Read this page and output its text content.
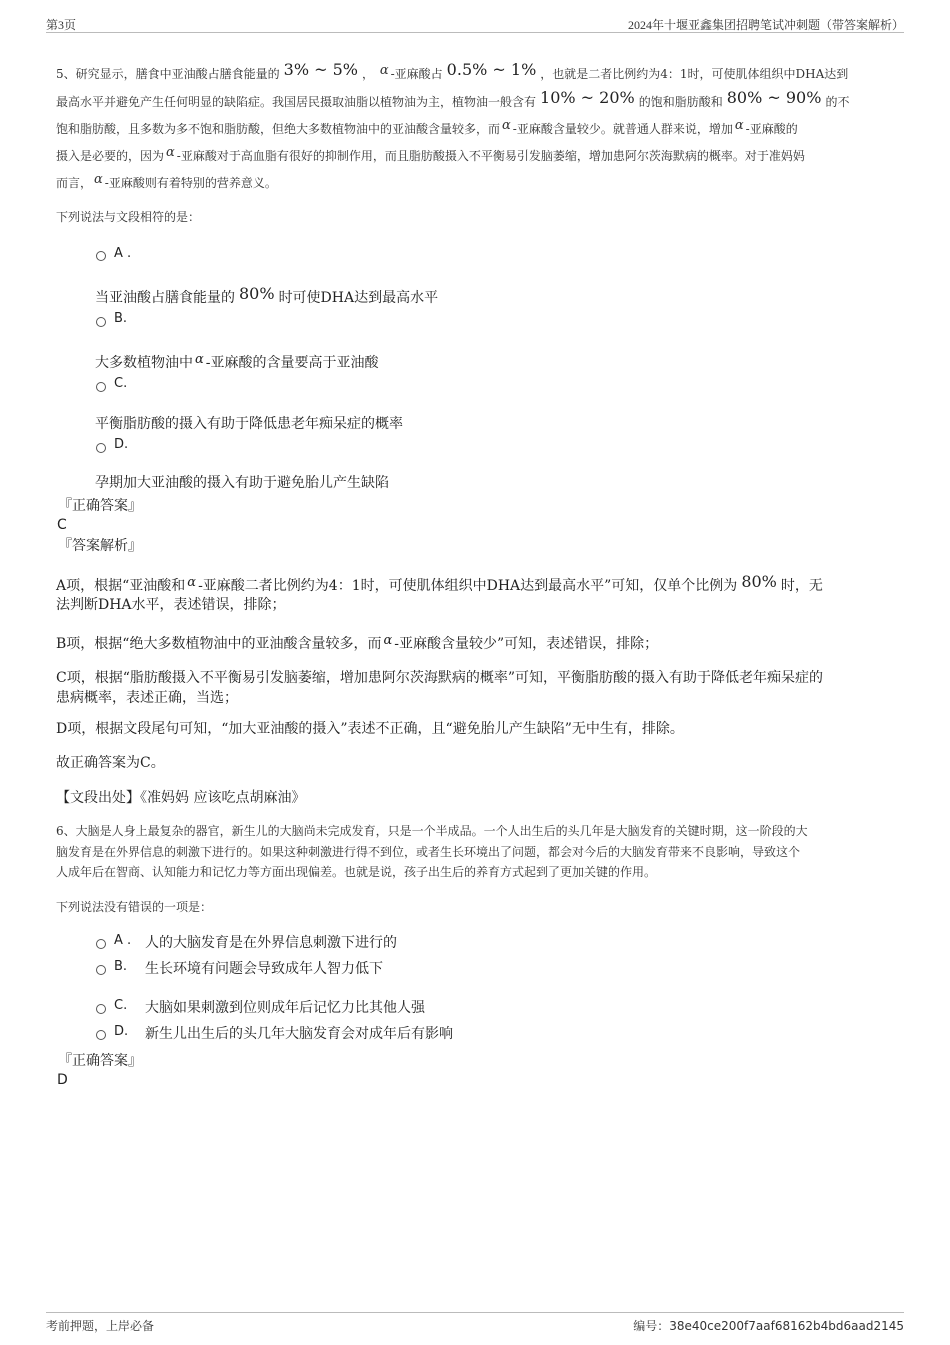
第3页	2024年十堰亚鑫集团招聘笔试冲刺题（带答案解析）
5、研究显示，膳食中亚油酸占膳食能量的 3% ~ 5% ， α -亚麻酸占 0.5% ~ 1% ，也就是二者比例约为4：1时，可使肌体组织中DHA达到
最高水平并避免产生任何明显的缺陷症。我国居民摄取油脂以植物油为主，植物油一般含有 10% ~ 20% 的饱和脂肪酸和 80% ~ 90% 的不
饱和脂肪酸，且多数为多不饱和脂肪酸，但绝大多数植物油中的亚油酸含量较多，而 α -亚麻酸含量较少。就普通人群来说，增加 α -亚麻酸的
摄入是必要的，因为 α -亚麻酸对于高血脂有很好的抑制作用，而且脂肪酸摄入不平衡易引发脑萎缩，增加患阿尔茨海默病的概率。对于准妈妈
而言， α -亚麻酸则有着特别的营养意义。
下列说法与文段相符的是：
A .
当亚油酸占膳食能量的 80% 时可使DHA达到最高水平
B.
大多数植物油中 α -亚麻酸的含量要高于亚油酸
C.
平衡脂肪酸的摄入有助于降低患老年痴呆症的概率
D.
孕期加大亚油酸的摄入有助于避免胎儿产生缺陷
『正确答案』
C
『答案解析』
A项，根据“亚油酸和 α -亚麻酸二者比例约为4：1时，可使肌体组织中DHA达到最高水平”可知，仅单个比例为 80% 时，无
法判断DHA水平，表述错误，排除；
B项，根据“绝大多数植物油中的亚油酸含量较多，而 α -亚麻酸含量较少”可知，表述错误，排除；
C项，根据“脂肪酸摄入不平衡易引发脑萎缩，增加患阿尔茨海默病的概率”可知，平衡脂肪酸的摄入有助于降低老年痴呆症的
患病概率，表述正确，当选；
D项，根据文段尾句可知，“加大亚油酸的摄入”表述不正确，且“避免胎儿产生缺陷”无中生有，排除。
故正确答案为C。
【文段出处】《准妈妈 应该吃点胡麻油》
6、大脑是人身上最复杂的器官，新生儿的大脑尚未完成发育，只是一个半成品。一个人出生后的头几年是大脑发育的关键时期，这一阶段的大
脑发育是在外界信息的刺激下进行的。如果这种刺激进行得不到位，或者生长环境出了问题，都会对今后的大脑发育带来不良影响，导致这个
人成年后在智商、认知能力和记忆力等方面出现偏差。也就是说，孩子出生后的养育方式起到了更加关键的作用。
下列说法没有错误的一项是：
A . 人的大脑发育是在外界信息刺激下进行的
B. 生长环境有问题会导致成年人智力低下
C. 大脑如果刺激到位则成年后记忆力比其他人强
D. 新生儿出生后的头几年大脑发育会对成年后有影响
『正确答案』
D
考前押题，上岸必备	编号：38e40ce200f7aaf68162b4bd6aad2145
